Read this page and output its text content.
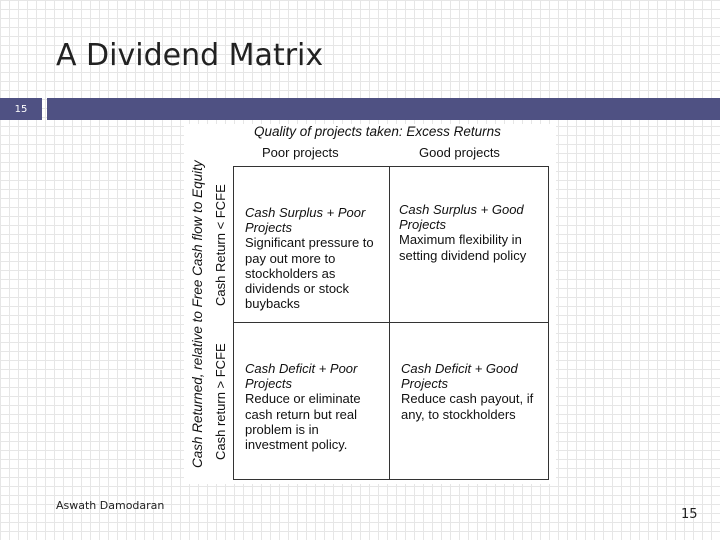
A Dividend Matrix
15
Quality of projects taken: Excess Returns
Poor projects	Good projects
Cash Returned, relative to Free Cash flow to Equity Cash Return < FCFE
Cash return > FCFE
Cash Surplus + Poor
Projects
Significant pressure to
pay out more to
stockholders as
dividends or stock
buybacks
Cash Surplus + Good
Projects
Maximum flexibility in
setting dividend policy
Cash Deficit + Poor
Projects
Reduce or eliminate
cash return but real
problem is in
investment policy.
Cash Deficit + Good
Projects
Reduce cash payout, if
any, to stockholders
Aswath Damodaran
15
